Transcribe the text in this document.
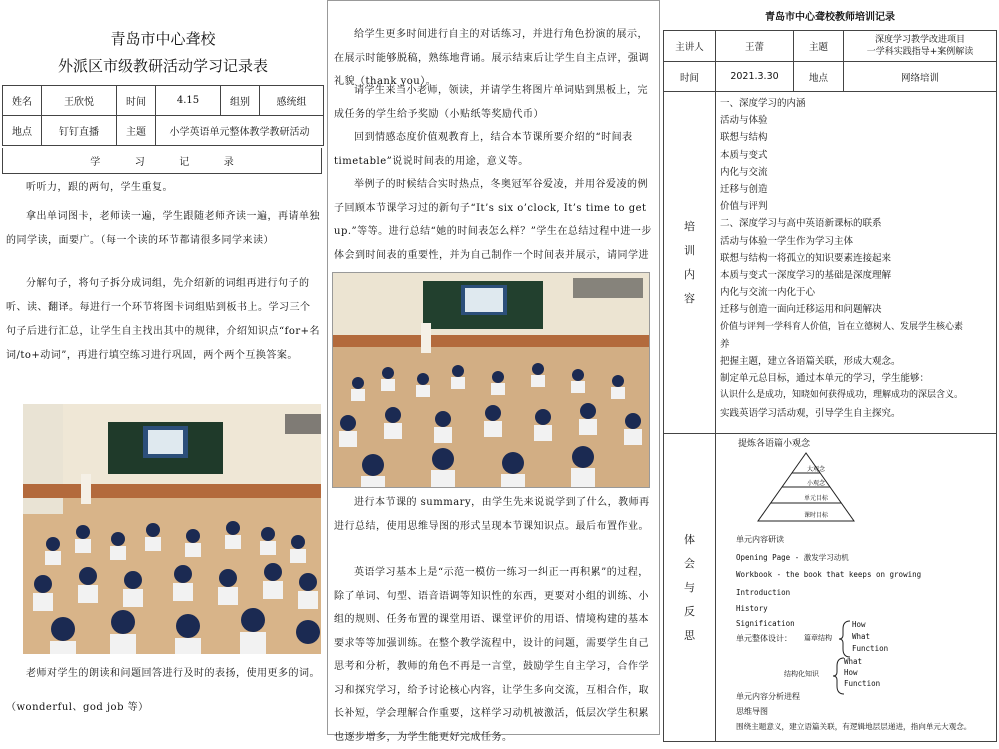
青岛市中心聋校
外派区市级教研活动学习记录表
姓名	王欣悦	时间	4.15	组别	感统组
地点	钉钉直播	主题	小学英语单元整体教学教研活动		
学	习	记	录
听听力，跟的两句，学生重复。
拿出单词图卡，老师读一遍，学生跟随老师齐读一遍，再请单独的同学读，面要广。（每一个读的环节都请很多同学来读）
分解句子，将句子拆分成词组，先介绍新的词组再进行句子的听、读、翻译。每进行一个环节将图卡词组贴到板书上。学习三个句子后进行汇总，让学生自主找出其中的规律，介绍知识点“for+名词/to+动词”，再进行填空练习进行巩固，两个两个互换答案。
老师对学生的朗读和问题回答进行及时的表扬，使用更多的词。
（wonderful、god job 等）
给学生更多时间进行自主的对话练习，并进行角色扮演的展示，在展示时能够脱稿，熟练地背诵。展示结束后让学生自主点评，强调礼貌（thank you）。
请学生来当小老师，领读，并请学生将图片单词贴到黑板上，完成任务的学生给予奖励（小贴纸等奖励代币）
回到情感态度价值观教育上，结合本节课所要介绍的“时间表 timetable”说说时间表的用途，意义等。
举例子的时候结合实时热点，冬奥冠军谷爱凌，并用谷爱凌的例子回顾本节课学习过的新句子“It’s six o’clock, It’s time to get up.”等等。进行总结“她的时间表怎么样？”学生在总结过程中进一步体会到时间表的重要性，并为自己制作一个时间表并展示，请同学进
进行本节课的 summary，由学生先来说说学到了什么，教师再进行总结，使用思维导图的形式呈现本节课知识点。最后布置作业。
英语学习基本上是“示范一模仿一练习一纠正一再积累”的过程，除了单词、句型、语音语调等知识性的东西，更要对小组的训练、小组的规则、任务布置的课堂用语、课堂评价的用语、情境构建的基本要求等等加强训练。在整个教学流程中，设计的问题，需要学生自己思考和分析，教师的角色不再是一言堂，鼓励学生自主学习，合作学习和探究学习，给予讨论核心内容，让学生多向交流，互相合作，取长补短，学会理解合作重要，这样学习动机被激活，低层次学生积累也逐步增多，为学生能更好完成任务。
青岛市中心聋校教师培训记录
主讲人	王蕾	主题
深度学习教学改进项目
一学科实践指导+案例解读
时间	2021.3.30	地点	网络培训
培
训
内
容
一、深度学习的内涵
活动与体验
联想与结构
本质与变式
内化与交流
迁移与创造
价值与评判
二、深度学习与高中英语新课标的联系
活动与体验一学生作为学习主体
联想与结构一将孤立的知识要素连接起来
本质与变式一深度学习的基础是深度理解
内化与交流一内化于心
迁移与创造一面向迁移运用和问题解决
价值与评判一学科育人价值，旨在立德树人、发展学生核心素
养
把握主题，建立各语篇关联，形成大观念。
制定单元总目标，通过本单元的学习，学生能够：
认识什么是成功，知晓如何获得成功，理解成功的深层含义。
实践英语学习活动观，引导学生自主探究。
体
会
与
反
思
提炼各语篇小观念
大观念
小观念
单元目标
课时目标
单元内容研读
Opening Page - 激发学习动机
Workbook - the book that keeps on growing
Introduction
History
Signification
单元整体设计： 篇章结构
How
What
Function
结构化知识
What
How
Function
单元内容分析进程
思维导图
围绕主题意义，建立语篇关联，有逻辑地层层递进，指向单元大观念。
